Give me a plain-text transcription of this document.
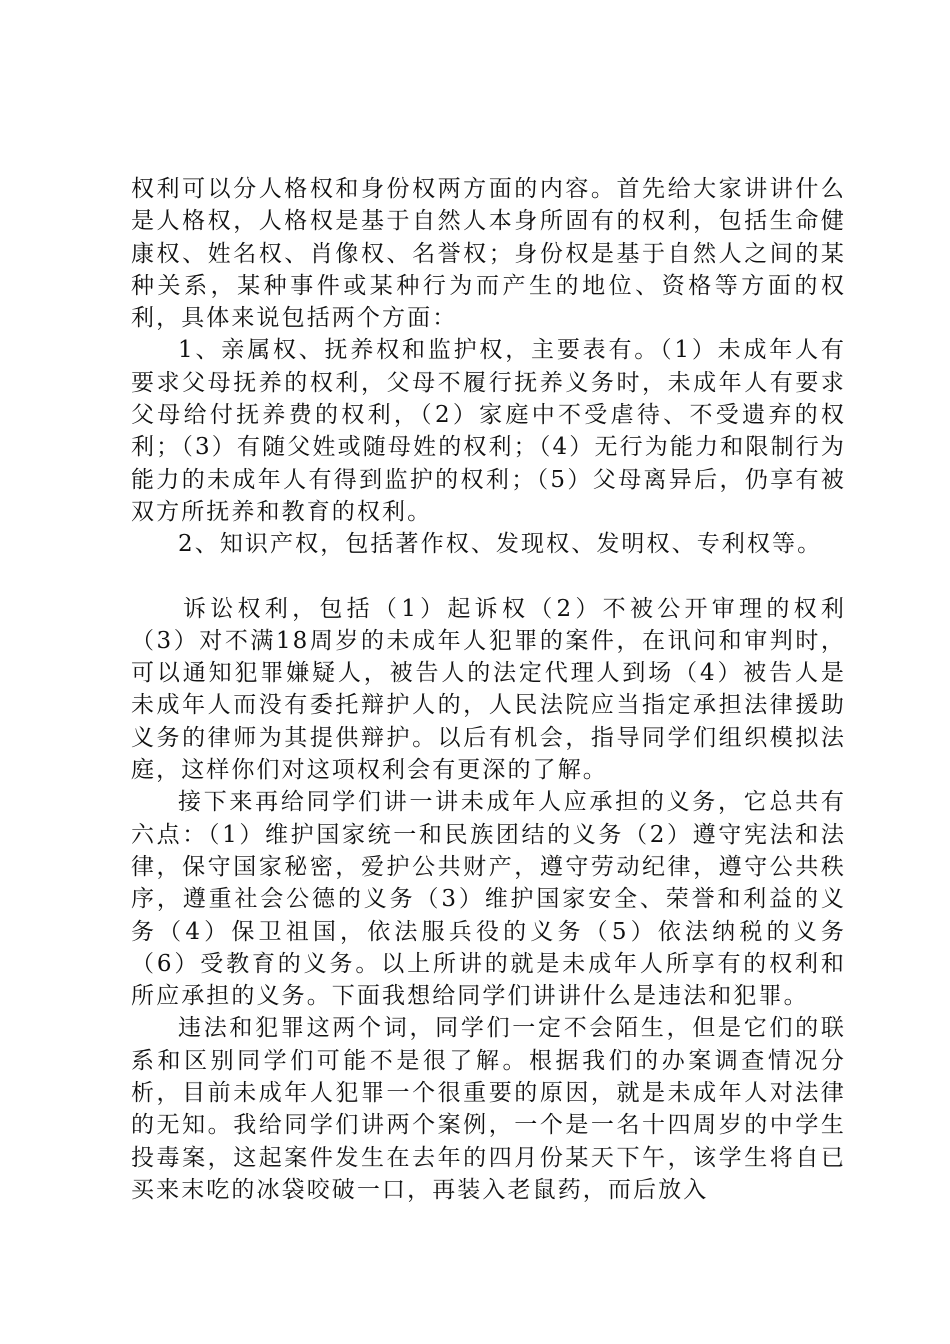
权利可以分人格权和身份权两方面的内容。首先给大家讲讲什么是人格权，人格权是基于自然人本身所固有的权利，包括生命健康权、姓名权、肖像权、名誉权；身份权是基于自然人之间的某种关系，某种事件或某种行为而产生的地位、资格等方面的权利，具体来说包括两个方面：

1、亲属权、抚养权和监护权，主要表有。（1）未成年人有要求父母抚养的权利，父母不履行抚养义务时，未成年人有要求父母给付抚养费的权利，（2）家庭中不受虐待、不受遗弃的权利；（3）有随父姓或随母姓的权利；（4）无行为能力和限制行为能力的未成年人有得到监护的权利；（5）父母离异后，仍享有被双方所抚养和教育的权利。

2、知识产权，包括著作权、发现权、发明权、专利权等。

诉讼权利，包括（1）起诉权（2）不被公开审理的权利（3）对不满18周岁的未成年人犯罪的案件，在讯问和审判时，可以通知犯罪嫌疑人，被告人的法定代理人到场（4）被告人是未成年人而没有委托辩护人的，人民法院应当指定承担法律援助义务的律师为其提供辩护。以后有机会，指导同学们组织模拟法庭，这样你们对这项权利会有更深的了解。

接下来再给同学们讲一讲未成年人应承担的义务，它总共有六点：（1）维护国家统一和民族团结的义务（2）遵守宪法和法律，保守国家秘密，爱护公共财产，遵守劳动纪律，遵守公共秩序，遵重社会公德的义务（3）维护国家安全、荣誉和利益的义务（4）保卫祖国，依法服兵役的义务（5）依法纳税的义务（6）受教育的义务。以上所讲的就是未成年人所享有的权利和所应承担的义务。下面我想给同学们讲讲什么是违法和犯罪。

违法和犯罪这两个词，同学们一定不会陌生，但是它们的联系和区别同学们可能不是很了解。根据我们的办案调查情况分析，目前未成年人犯罪一个很重要的原因，就是未成年人对法律的无知。我给同学们讲两个案例，一个是一名十四周岁的中学生投毒案，这起案件发生在去年的四月份某天下午，该学生将自已买来末吃的冰袋咬破一口，再装入老鼠药，而后放入
